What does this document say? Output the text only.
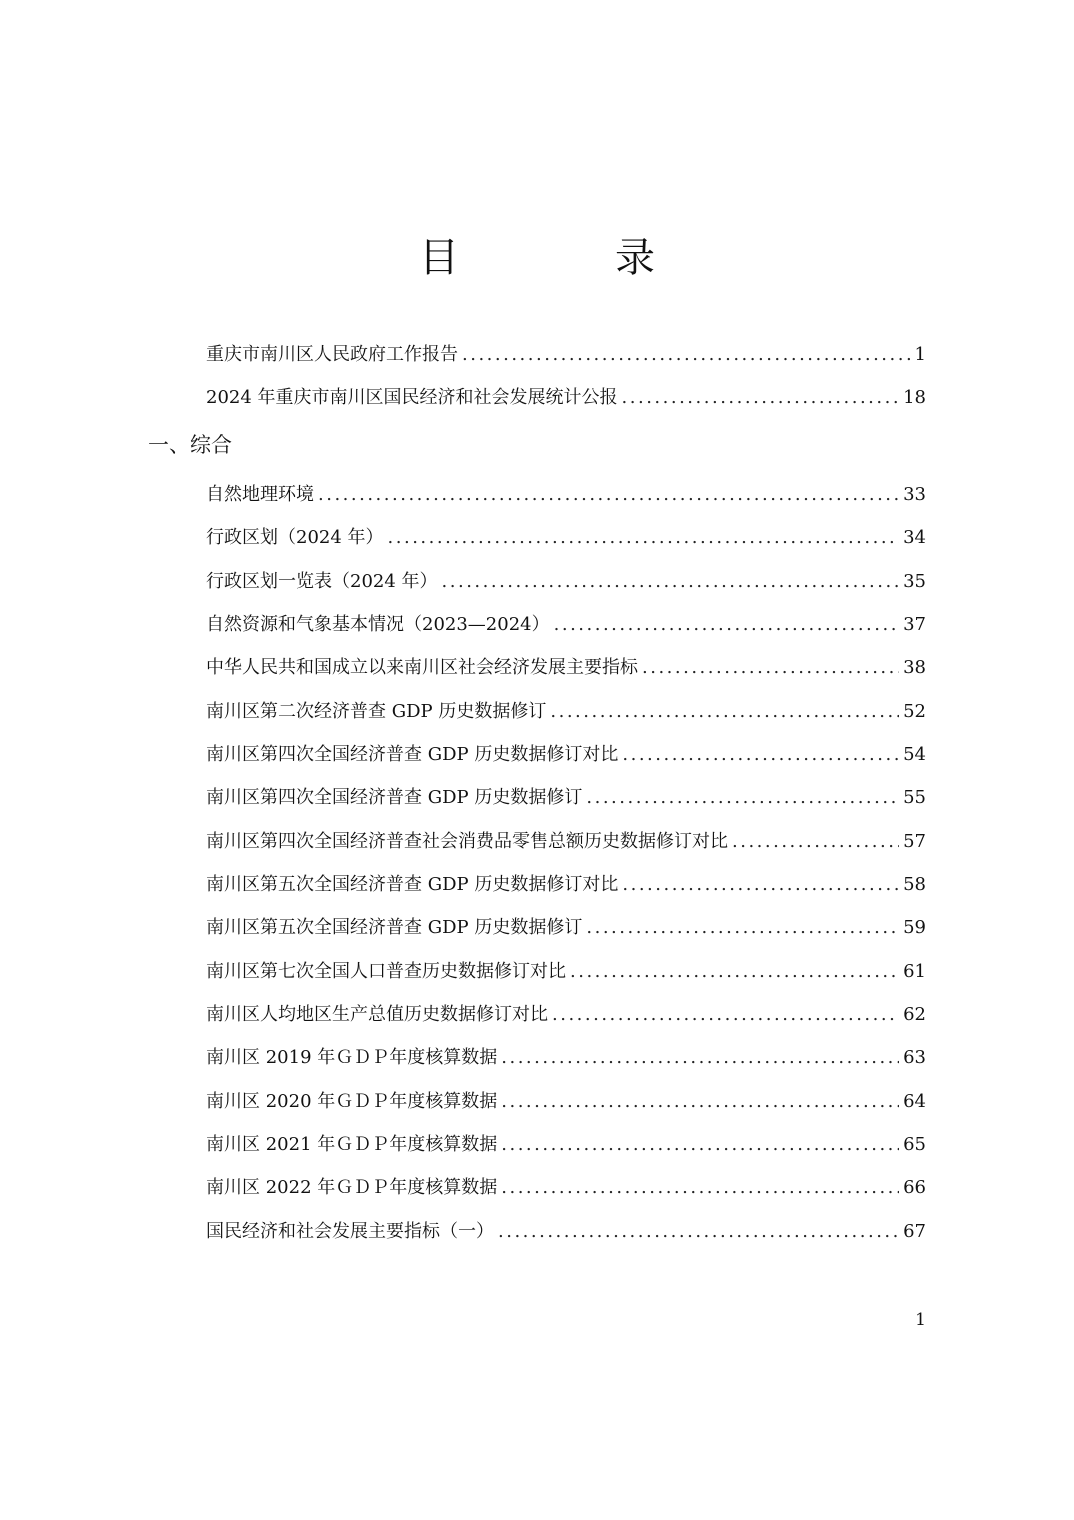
目　录
重庆市南川区人民政府工作报告 .....	1
2024 年重庆市南川区国民经济和社会发展统计公报 .....	18
一、综合
自然地理环境 .....	33
行政区划（2024 年） .....	34
行政区划一览表（2024 年） .....	35
自然资源和气象基本情况（2023—2024） .....	37
中华人民共和国成立以来南川区社会经济发展主要指标 .....	38
南川区第二次经济普查 GDP 历史数据修订 .....	52
南川区第四次全国经济普查 GDP 历史数据修订对比 .....	54
南川区第四次全国经济普查 GDP 历史数据修订 .....	55
南川区第四次全国经济普查社会消费品零售总额历史数据修订对比 .....	57
南川区第五次全国经济普查 GDP 历史数据修订对比 .....	58
南川区第五次全国经济普查 GDP 历史数据修订 .....	59
南川区第七次全国人口普查历史数据修订对比 .....	61
南川区人均地区生产总值历史数据修订对比 .....	62
南川区 2019 年ＧＤＰ年度核算数据 .....	63
南川区 2020 年ＧＤＰ年度核算数据 .....	64
南川区 2021 年ＧＤＰ年度核算数据 .....	65
南川区 2022 年ＧＤＰ年度核算数据 .....	66
国民经济和社会发展主要指标（一） .....	67
1
